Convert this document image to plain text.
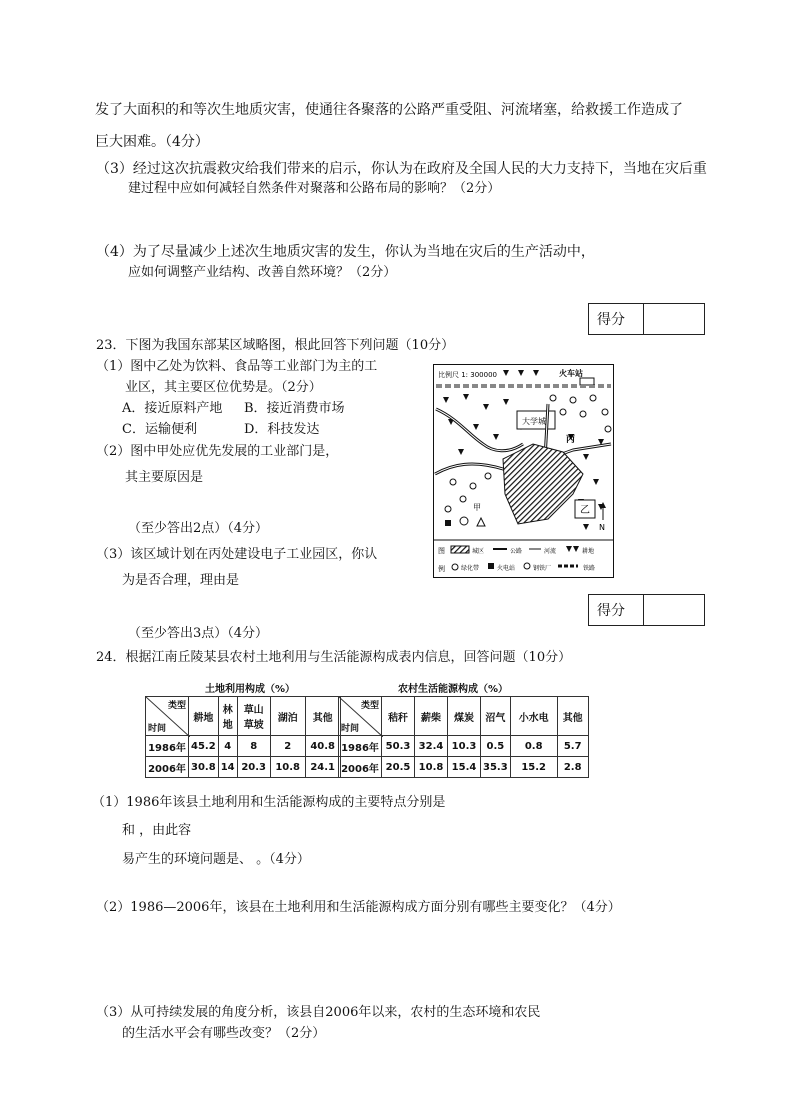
发了大面积的和等次生地质灾害，使通往各聚落的公路严重受阻、河流堵塞，给救援工作造成了
巨大困难。（4分）
（3）经过这次抗震救灾给我们带来的启示，你认为在政府及全国人民的大力支持下，当地在灾后重
建过程中应如何减轻自然条件对聚落和公路布局的影响？（2分）
（4）为了尽量减少上述次生地质灾害的发生，你认为当地在灾后的生产活动中，
应如何调整产业结构、改善自然环境？（2分）
得分
23．下图为我国东部某区域略图，根此回答下列问题（10分）
（1）图中乙处为饮料、食品等工业部门为主的工
业区，其主要区位优势是。（2分）
A．接近原料产地 B．接近消费市场
C．运输便利	D．科技发达
（2）图中甲处应优先发展的工业部门是，
其主要原因是
（至少答出2点）（4分）
（3）该区域计划在丙处建设电子工业园区，你认
为是否合理，理由是
（至少答出3点）（4分）
得分
比例尺 1: 300000	火车站
大学城
丙
乙
N
甲
图
例
城区	公路	河流	耕地
绿化带	火电站	钢铁厂	铁路
24．根据江南丘陵某县农村土地利用与生活能源构成表内信息，回答问题（10分）
土地利用构成（%）
类型
时间	耕地	林地	草山草坡	湖泊	其他
1986年	45.2	4	8	2	40.8
2006年	30.8	14	20.3	10.8	24.1
农村生活能源构成（%）
类型
时间	秸秆	薪柴	煤炭	沼气	小水电	其他
1986年	50.3	32.4	10.3	0.5	0.8	5.7
2006年	20.5	10.8	15.4	35.3	15.2	2.8
（1）1986年该县土地利用和生活能源构成的主要特点分别是
和 ，由此容
易产生的环境问题是、 。（4分）
（2）1986—2006年，该县在土地利用和生活能源构成方面分别有哪些主要变化？（4分）
（3）从可持续发展的角度分析，该县自2006年以来，农村的生态环境和农民
的生活水平会有哪些改变？（2分）
